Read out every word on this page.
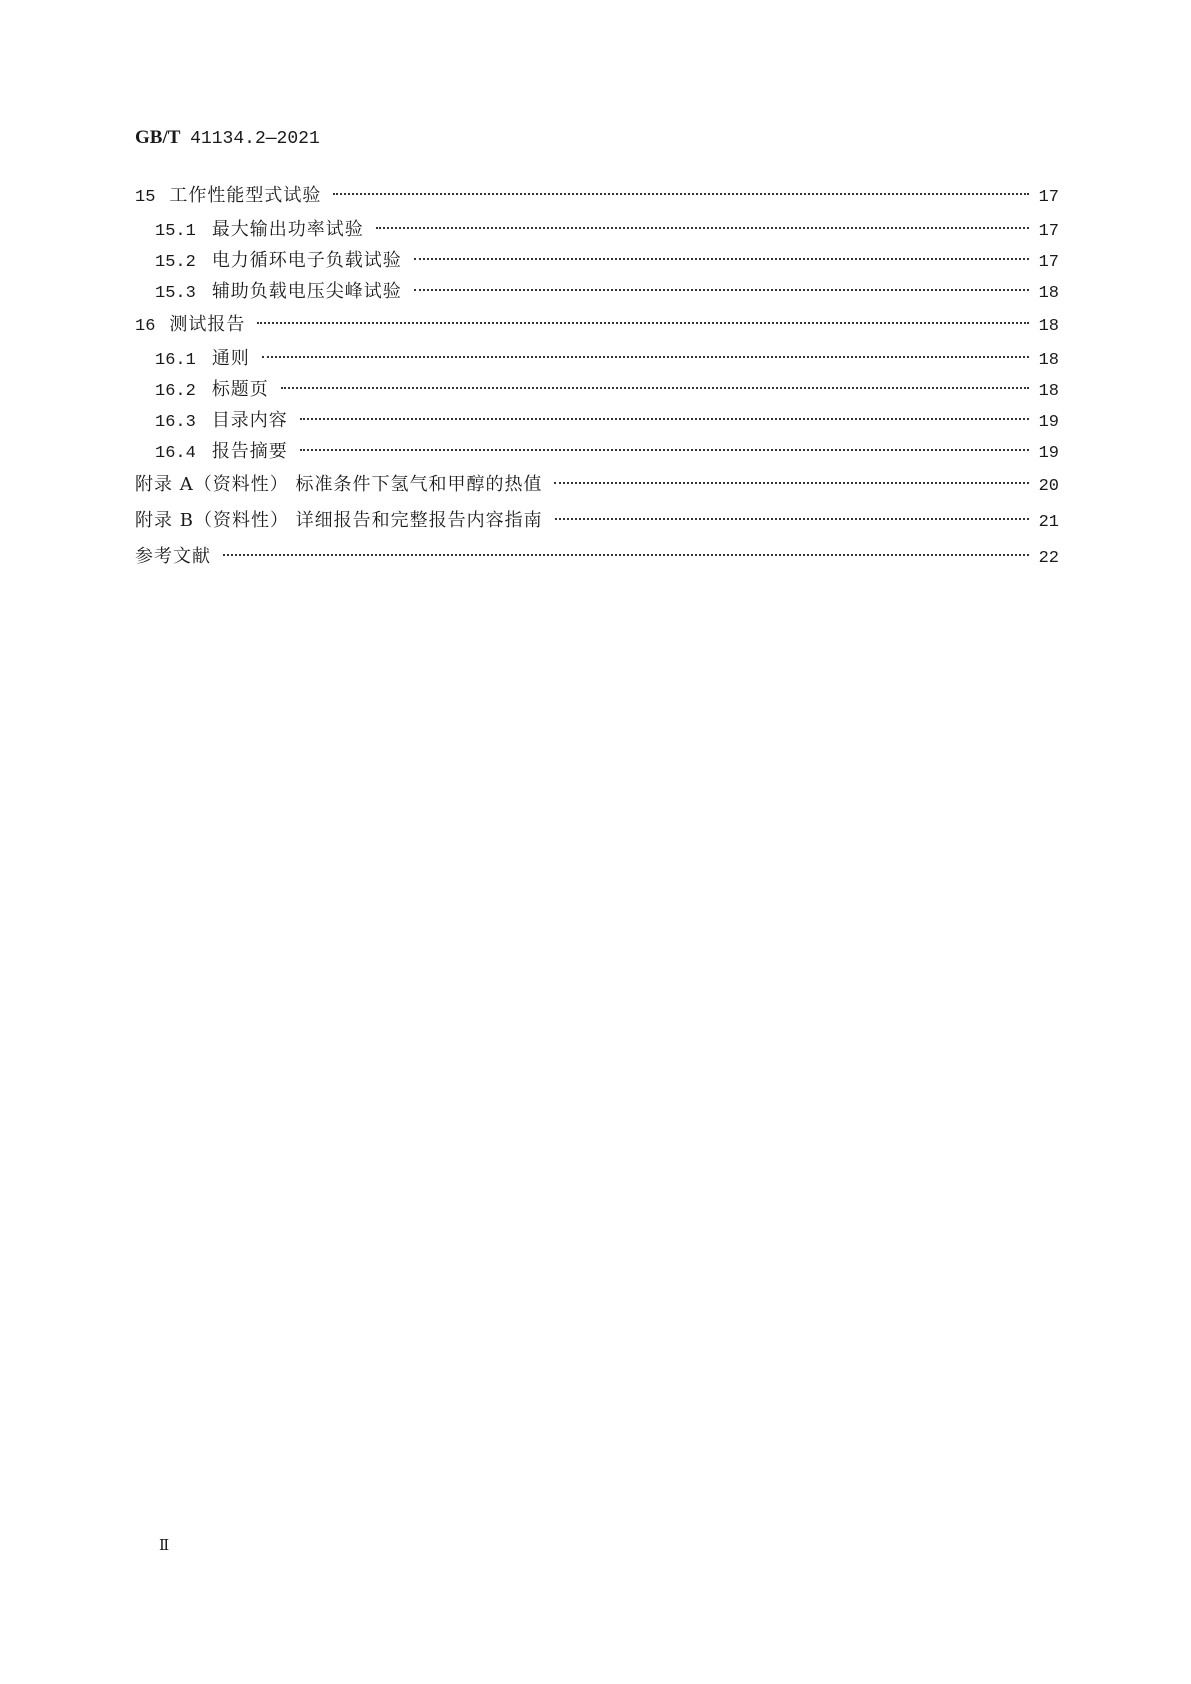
GB/T 41134.2—2021
15 工作性能型式试验	17
15.1 最大输出功率试验	17
15.2 电力循环电子负载试验	17
15.3 辅助负载电压尖峰试验	18
16 测试报告	18
16.1 通则	18
16.2 标题页	18
16.3 目录内容	19
16.4 报告摘要	19
附录 A（资料性） 标准条件下氢气和甲醇的热值	20
附录 B（资料性） 详细报告和完整报告内容指南	21
参考文献	22
Ⅱ
